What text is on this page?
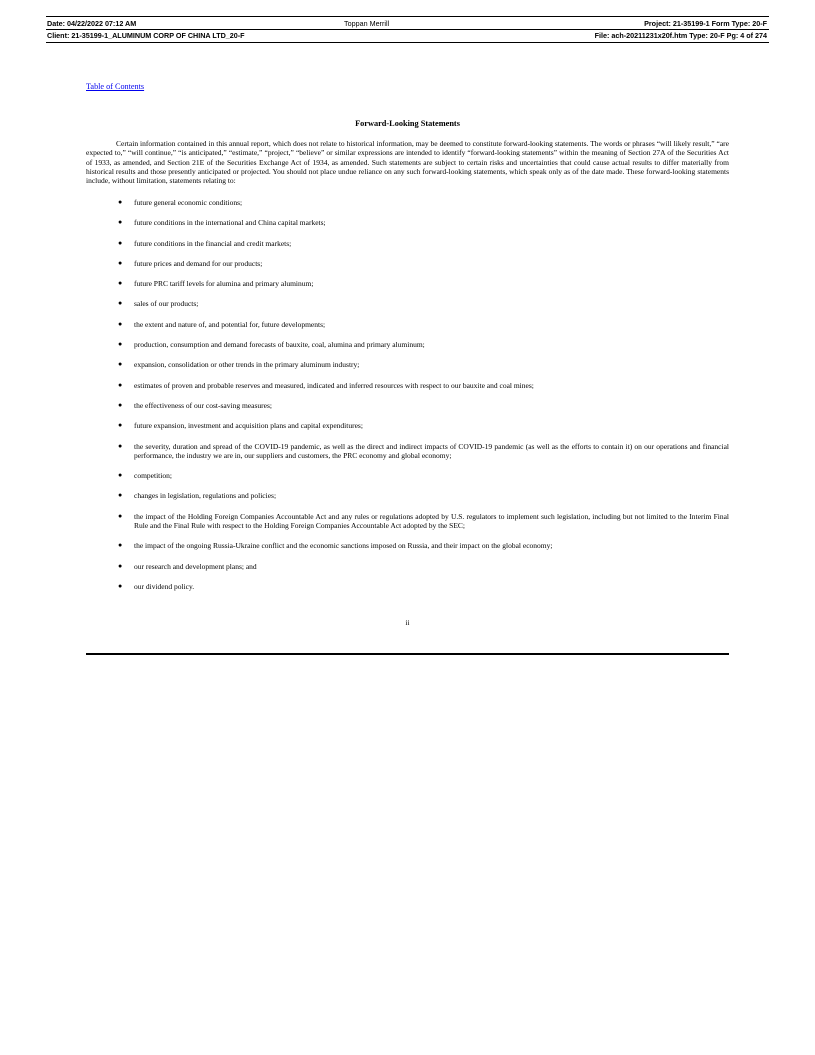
Date: 04/22/2022 07:12 AM	Toppan Merrill	Project: 21-35199-1 Form Type: 20-F
Client: 21-35199-1_ALUMINUM CORP OF CHINA LTD_20-F	File: ach-20211231x20f.htm Type: 20-F Pg: 4 of 274
Table of Contents
Forward-Looking Statements

Certain information contained in this annual report, which does not relate to historical information, may be deemed to constitute forward-looking statements. The words or phrases “will likely result,” “are expected to,” “will continue,” “is anticipated,” “estimate,” “project,” “believe” or similar expressions are intended to identify “forward-looking statements” within the meaning of Section 27A of the Securities Act of 1933, as amended, and Section 21E of the Securities Exchange Act of 1934, as amended. Such statements are subject to certain risks and uncertainties that could cause actual results to differ materially from historical results and those presently anticipated or projected. You should not place undue reliance on any such forward-looking statements, which speak only as of the date made. These forward-looking statements include, without limitation, statements relating to:

● future general economic conditions;
● future conditions in the international and China capital markets;
● future conditions in the financial and credit markets;
● future prices and demand for our products;
● future PRC tariff levels for alumina and primary aluminum;
● sales of our products;
● the extent and nature of, and potential for, future developments;
● production, consumption and demand forecasts of bauxite, coal, alumina and primary aluminum;
● expansion, consolidation or other trends in the primary aluminum industry;
● estimates of proven and probable reserves and measured, indicated and inferred resources with respect to our bauxite and coal mines;
● the effectiveness of our cost-saving measures;
● future expansion, investment and acquisition plans and capital expenditures;
● the severity, duration and spread of the COVID-19 pandemic, as well as the direct and indirect impacts of COVID-19 pandemic (as well as the efforts to contain it) on our operations and financial performance, the industry we are in, our suppliers and customers, the PRC economy and global economy;
● competition;
● changes in legislation, regulations and policies;
● the impact of the Holding Foreign Companies Accountable Act and any rules or regulations adopted by U.S. regulators to implement such legislation, including but not limited to the Interim Final Rule and the Final Rule with respect to the Holding Foreign Companies Accountable Act adopted by the SEC;
● the impact of the ongoing Russia-Ukraine conflict and the economic sanctions imposed on Russia, and their impact on the global economy;
● our research and development plans; and
● our dividend policy.
ii
